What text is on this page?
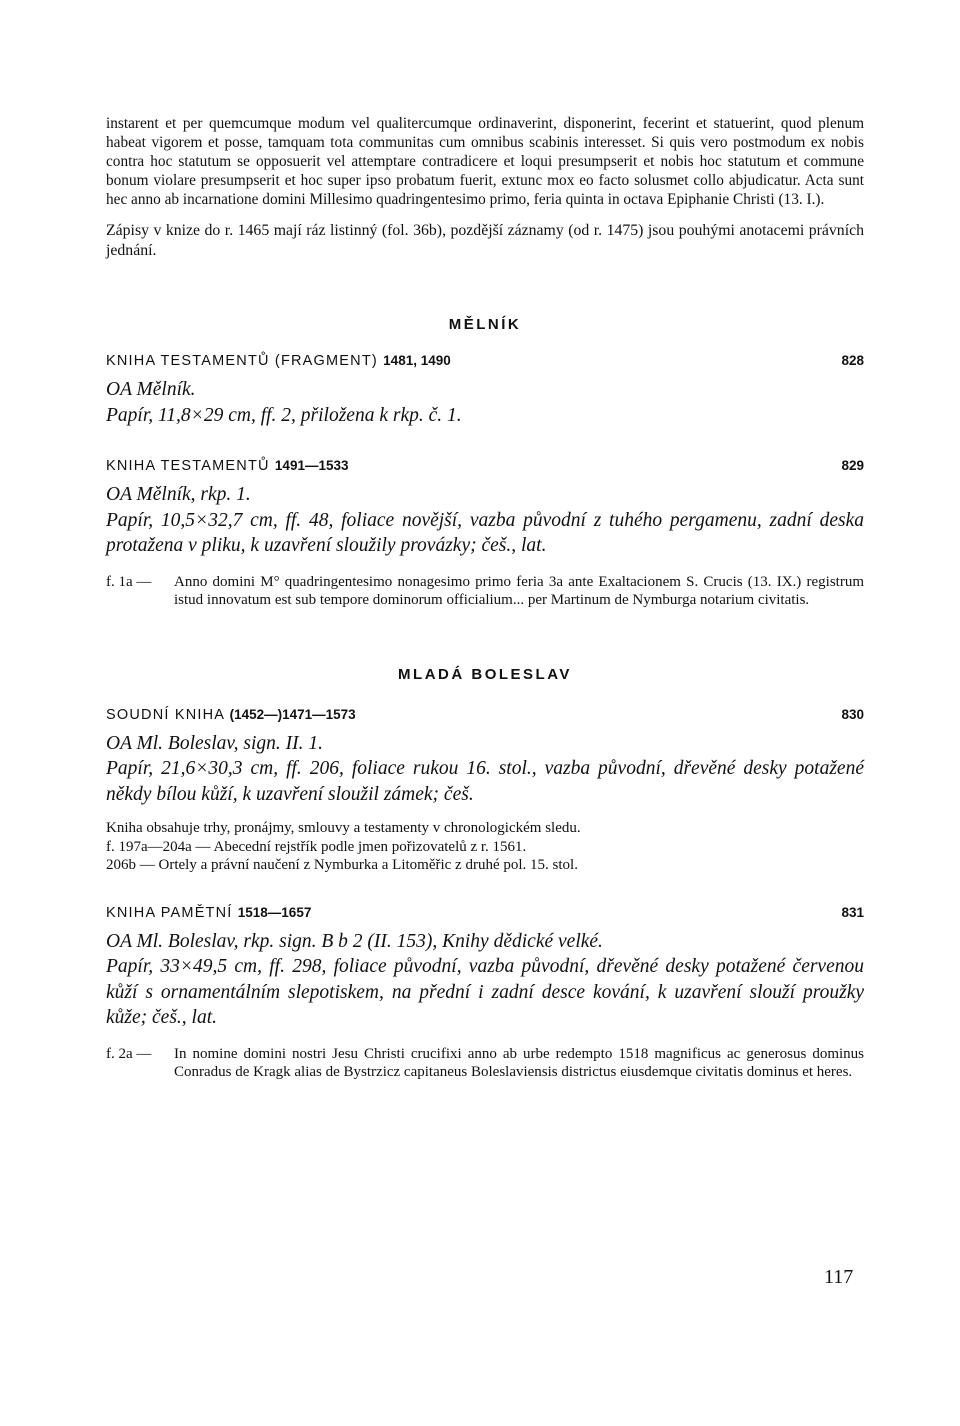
instarent et per quemcumque modum vel qualitercumque ordinaverint, disponerint, fecerint et statuerint, quod plenum habeat vigorem et posse, tamquam tota communitas cum omnibus scabinis interesset. Si quis vero postmodum ex nobis contra hoc statutum se opposuerit vel attemptare contradicere et loqui presumpserit et nobis hoc statutum et commune bonum violare presumpserit et hoc super ipso probatum fuerit, extunc mox eo facto solusmet collo abjudicatur. Acta sunt hec anno ab incarnatione domini Millesimo quadringentesimo primo, feria quinta in octava Epiphanie Christi (13. I.).

Zápisy v knize do r. 1465 mají ráz listinný (fol. 36b), pozdější záznamy (od r. 1475) jsou pouhými anotacemi právních jednání.

MĚLNÍK

KNIHA TESTAMENTŮ (FRAGMENT) 1481, 1490	828

OA Mělník.

Papír, 11,8×29 cm, ff. 2, přiložena k rkp. č. 1.

KNIHA TESTAMENTŮ 1491—1533	829

OA Mělník, rkp. 1.

Papír, 10,5×32,7 cm, ff. 48, foliace novější, vazba původní z tuhého pergamenu, zadní deska protažena v pliku, k uzavření sloužily provázky; češ., lat.

f. 1a —	Anno domini M° quadringentesimo nonagesimo primo feria 3a ante Exaltacionem S. Crucis (13. IX.) registrum istud innovatum est sub tempore dominorum officialium... per Martinum de Nymburga notarium civitatis.

MLADÁ BOLESLAV

SOUDNÍ KNIHA (1452—)1471—1573	830

OA Ml. Boleslav, sign. II. 1.

Papír, 21,6×30,3 cm, ff. 206, foliace rukou 16. stol., vazba původní, dřevěné desky potažené někdy bílou kůží, k uzavření sloužil zámek; češ.

Kniha obsahuje trhy, pronájmy, smlouvy a testamenty v chronologickém sledu.

f. 197a—204a — Abecední rejstřík podle jmen pořizovatelů z r. 1561.

206b — Ortely a právní naučení z Nymburka a Litoměřic z druhé pol. 15. stol.

KNIHA PAMĚTNÍ 1518—1657	831

OA Ml. Boleslav, rkp. sign. B b 2 (II. 153), Knihy dědické velké.

Papír, 33×49,5 cm, ff. 298, foliace původní, vazba původní, dřevěné desky potažené červenou kůží s ornamentálním slepotiskem, na přední i zadní desce kování, k uzavření slouží proužky kůže; češ., lat.

f. 2a —	In nomine domini nostri Jesu Christi crucifixi anno ab urbe redempto 1518 magnificus ac generosus dominus Conradus de Kragk alias de Bystrzicz capitaneus Boleslaviensis districtus eiusdemque civitatis dominus et heres.
117
